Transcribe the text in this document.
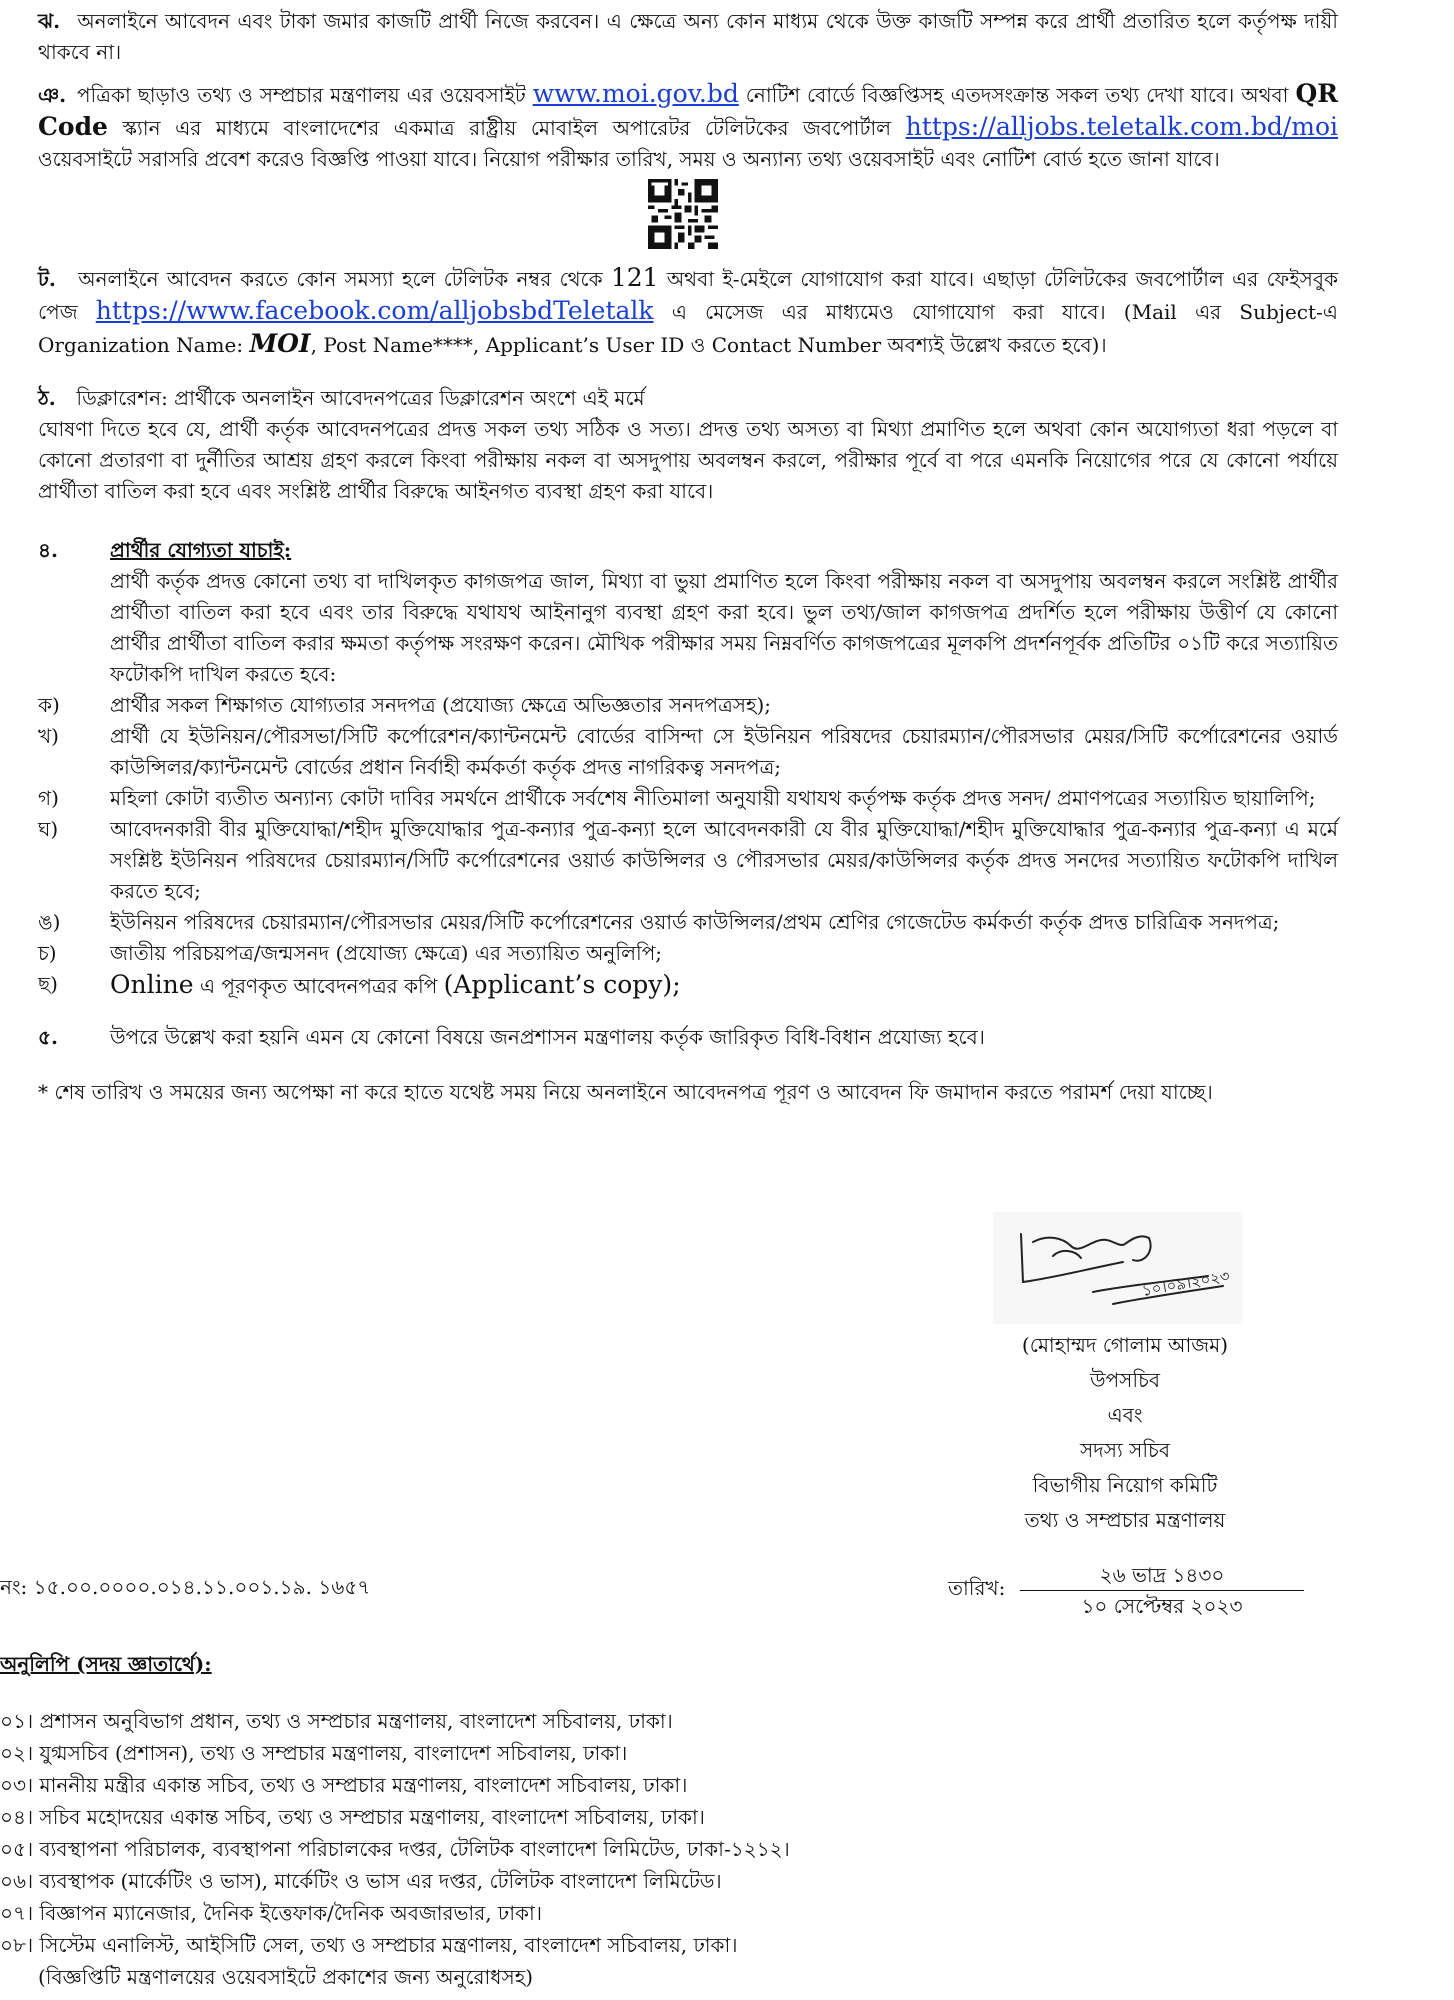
ঝ. অনলাইনে আবেদন এবং টাকা জমার কাজটি প্রার্থী নিজে করবেন। এ ক্ষেত্রে অন্য কোন মাধ্যম থেকে উক্ত কাজটি সম্পন্ন করে প্রার্থী প্রতারিত হলে কর্তৃপক্ষ দায়ী থাকবে না।

ঞ. পত্রিকা ছাড়াও তথ্য ও সম্প্রচার মন্ত্রণালয় এর ওয়েবসাইট www.moi.gov.bd নোটিশ বোর্ডে বিজ্ঞপ্তিসহ এতদসংক্রান্ত সকল তথ্য দেখা যাবে। অথবা QR Code স্ক্যান এর মাধ্যমে বাংলাদেশের একমাত্র রাষ্ট্রীয় মোবাইল অপারেটর টেলিটকের জবপোর্টাল https://alljobs.teletalk.com.bd/moi ওয়েবসাইটে সরাসরি প্রবেশ করেও বিজ্ঞপ্তি পাওয়া যাবে। নিয়োগ পরীক্ষার তারিখ, সময় ও অন্যান্য তথ্য ওয়েবসাইট এবং নোটিশ বোর্ড হতে জানা যাবে।

ট. অনলাইনে আবেদন করতে কোন সমস্যা হলে টেলিটক নম্বর থেকে 121 অথবা ই-মেইলে যোগাযোগ করা যাবে। এছাড়া টেলিটকের জবপোর্টাল এর ফেইসবুক পেজ https://www.facebook.com/alljobsbdTeletalk এ মেসেজ এর মাধ্যমেও যোগাযোগ করা যাবে। (Mail এর Subject-এ Organization Name: MOI, Post Name****, Applicant’s User ID ও Contact Number অবশ্যই উল্লেখ করতে হবে)।

ঠ. ডিক্লারেশন: প্রার্থীকে অনলাইন আবেদনপত্রের ডিক্লারেশন অংশে এই মর্মে
ঘোষণা দিতে হবে যে, প্রার্থী কর্তৃক আবেদনপত্রের প্রদত্ত সকল তথ্য সঠিক ও সত্য। প্রদত্ত তথ্য অসত্য বা মিথ্যা প্রমাণিত হলে অথবা কোন অযোগ্যতা ধরা পড়লে বা কোনো প্রতারণা বা দুর্নীতির আশ্রয় গ্রহণ করলে কিংবা পরীক্ষায় নকল বা অসদুপায় অবলম্বন করলে, পরীক্ষার পূর্বে বা পরে এমনকি নিয়োগের পরে যে কোনো পর্যায়ে প্রার্থীতা বাতিল করা হবে এবং সংশ্লিষ্ট প্রার্থীর বিরুদ্ধে আইনগত ব্যবস্থা গ্রহণ করা যাবে।

৪.	প্রার্থীর যোগ্যতা যাচাই:
প্রার্থী কর্তৃক প্রদত্ত কোনো তথ্য বা দাখিলকৃত কাগজপত্র জাল, মিথ্যা বা ভুয়া প্রমাণিত হলে কিংবা পরীক্ষায় নকল বা অসদুপায় অবলম্বন করলে সংশ্লিষ্ট প্রার্থীর প্রার্থীতা বাতিল করা হবে এবং তার বিরুদ্ধে যথাযথ আইনানুগ ব্যবস্থা গ্রহণ করা হবে। ভুল তথ্য/জাল কাগজপত্র প্রদর্শিত হলে পরীক্ষায় উত্তীর্ণ যে কোনো প্রার্থীর প্রার্থীতা বাতিল করার ক্ষমতা কর্তৃপক্ষ সংরক্ষণ করেন। মৌখিক পরীক্ষার সময় নিম্নবর্ণিত কাগজপত্রের মূলকপি প্রদর্শনপূর্বক প্রতিটির ০১টি করে সত্যায়িত ফটোকপি দাখিল করতে হবে:
ক)	প্রার্থীর সকল শিক্ষাগত যোগ্যতার সনদপত্র (প্রযোজ্য ক্ষেত্রে অভিজ্ঞতার সনদপত্রসহ);
খ)	প্রার্থী যে ইউনিয়ন/পৌরসভা/সিটি কর্পোরেশন/ক্যান্টনমেন্ট বোর্ডের বাসিন্দা সে ইউনিয়ন পরিষদের চেয়ারম্যান/পৌরসভার মেয়র/সিটি কর্পোরেশনের ওয়ার্ড কাউন্সিলর/ক্যান্টনমেন্ট বোর্ডের প্রধান নির্বাহী কর্মকর্তা কর্তৃক প্রদত্ত নাগরিকত্ব সনদপত্র;
গ)	মহিলা কোটা ব্যতীত অন্যান্য কোটা দাবির সমর্থনে প্রার্থীকে সর্বশেষ নীতিমালা অনুযায়ী যথাযথ কর্তৃপক্ষ কর্তৃক প্রদত্ত সনদ/ প্রমাণপত্রের সত্যায়িত ছায়ালিপি;
ঘ)	আবেদনকারী বীর মুক্তিযোদ্ধা/শহীদ মুক্তিযোদ্ধার পুত্র-কন্যার পুত্র-কন্যা হলে আবেদনকারী যে বীর মুক্তিযোদ্ধা/শহীদ মুক্তিযোদ্ধার পুত্র-কন্যার পুত্র-কন্যা এ মর্মে সংশ্লিষ্ট ইউনিয়ন পরিষদের চেয়ারম্যান/সিটি কর্পোরেশনের ওয়ার্ড কাউন্সিলর ও পৌরসভার মেয়র/কাউন্সিলর কর্তৃক প্রদত্ত সনদের সত্যায়িত ফটোকপি দাখিল করতে হবে;
ঙ)	ইউনিয়ন পরিষদের চেয়ারম্যান/পৌরসভার মেয়র/সিটি কর্পোরেশনের ওয়ার্ড কাউন্সিলর/প্রথম শ্রেণির গেজেটেড কর্মকর্তা কর্তৃক প্রদত্ত চারিত্রিক সনদপত্র;
চ)	জাতীয় পরিচয়পত্র/জন্মসনদ (প্রযোজ্য ক্ষেত্রে) এর সত্যায়িত অনুলিপি;
ছ)	Online এ পূরণকৃত আবেদনপত্রর কপি (Applicant’s copy);
৫.	উপরে উল্লেখ করা হয়নি এমন যে কোনো বিষয়ে জনপ্রশাসন মন্ত্রণালয় কর্তৃক জারিকৃত বিধি-বিধান প্রযোজ্য হবে।

* শেষ তারিখ ও সময়ের জন্য অপেক্ষা না করে হাতে যথেষ্ট সময় নিয়ে অনলাইনে আবেদনপত্র পূরণ ও আবেদন ফি জমাদান করতে পরামর্শ দেয়া যাচ্ছে।

১০।০৯।২০২৩
(মোহাম্মদ গোলাম আজম)
উপসচিব
এবং
সদস্য সচিব
বিভাগীয় নিয়োগ কমিটি
তথ্য ও সম্প্রচার মন্ত্রণালয়
নং: ১৫.০০.০০০০.০১৪.১১.০০১.১৯. ১৬৫৭	তারিখ:
২৬ ভাদ্র ১৪৩০
১০ সেপ্টেম্বর ২০২৩
অনুলিপি (সদয় জ্ঞাতার্থে):
০১। প্রশাসন অনুবিভাগ প্রধান, তথ্য ও সম্প্রচার মন্ত্রণালয়, বাংলাদেশ সচিবালয়, ঢাকা।
০২। যুগ্মসচিব (প্রশাসন), তথ্য ও সম্প্রচার মন্ত্রণালয়, বাংলাদেশ সচিবালয়, ঢাকা।
০৩। মাননীয় মন্ত্রীর একান্ত সচিব, তথ্য ও সম্প্রচার মন্ত্রণালয়, বাংলাদেশ সচিবালয়, ঢাকা।
০৪। সচিব মহোদয়ের একান্ত সচিব, তথ্য ও সম্প্রচার মন্ত্রণালয়, বাংলাদেশ সচিবালয়, ঢাকা।
০৫। ব্যবস্থাপনা পরিচালক, ব্যবস্থাপনা পরিচালকের দপ্তর, টেলিটক বাংলাদেশ লিমিটেড, ঢাকা-১২১২।
০৬। ব্যবস্থাপক (মার্কেটিং ও ভাস), মার্কেটিং ও ভাস এর দপ্তর, টেলিটক বাংলাদেশ লিমিটেড।
০৭। বিজ্ঞাপন ম্যানেজার, দৈনিক ইত্তেফাক/দৈনিক অবজারভার, ঢাকা।
০৮। সিস্টেম এনালিস্ট, আইসিটি সেল, তথ্য ও সম্প্রচার মন্ত্রণালয়, বাংলাদেশ সচিবালয়, ঢাকা।
(বিজ্ঞপ্তিটি মন্ত্রণালয়ের ওয়েবসাইটে প্রকাশের জন্য অনুরোধসহ)
